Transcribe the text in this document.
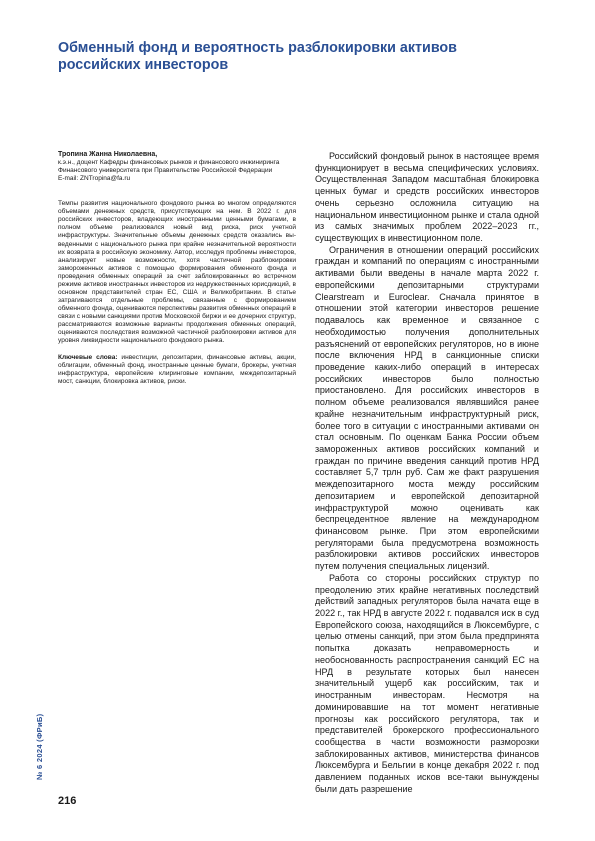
Обменный фонд и вероятность разблокировки активов российских инвесторов
Тропина Жанна Николаевна,
к.э.н., доцент Кафедры финансовых рынков и финансового инжиниринга Финансового университета при Правительстве Российской Федерации
E-mail: ZNTropina@fa.ru

Темпы развития национального фондового рынка во многом определяются объемами денежных средств, присутствующих на нем. В 2022 г. для российских инвесторов, владеющих иностранными ценными бумагами, в полном объеме реализовался новый вид риска, риск учетной инфраструктуры. Значительные объемы денежных средств оказались выведенными с национального рынка при крайне незначительной вероятности их возврата в российскую экономику. Автор, исследуя проблемы инвесторов, анализирует новые возможности, хотя частичной разблокировки замороженных активов с помощью формирования обменного фонда и проведения обменных операций за счет заблокированных во встречном режиме активов иностранных инвесторов из недружественных юрисдикций, в основном представителей стран ЕС, США и Великобритании. В статье затрагиваются отдельные проблемы, связанные с формированием обменного фонда, оцениваются перспективы развития обменных операций в связи с новыми санкциями против Московской биржи и ее дочерних структур, рассматриваются возможные варианты продолжения обменных операций, оцениваются последствия возможной частичной разблокировки активов для уровня ликвидности национального фондового рынка.

Ключевые слова: инвестиции, депозитарии, финансовые активы, акции, облигации, обменный фонд, иностранные ценные бумаги, брокеры, учетная инфраструктура, европейские клиринговые компании, междепозитарный мост, санкции, блокировка активов, риски.

Российский фондовый рынок в настоящее время функционирует в весьма специфических условиях. Осуществленная Западом масштабная блокировка ценных бумаг и средств российских инвесторов очень серьезно осложнила ситуацию на национальном инвестиционном рынке и стала одной из самых значимых проблем 2022–2023 гг., существующих в инвестиционном поле.

Ограничения в отношении операций российских граждан и компаний по операциям с иностранными активами были введены в начале марта 2022 г. европейскими депозитарными структурами Clearstream и Euroclear. Сначала принятое в отношении этой категории инвесторов решение подавалось как временное и связанное с необходимостью получения дополнительных разъяснений от европейских регуляторов, но в июне после включения НРД в санкционные списки проведение каких-либо операций в интересах российских инвесторов было полностью приостановлено. Для российских инвесторов в полном объеме реализовался являвшийся ранее крайне незначительным инфраструктурный риск, более того в ситуации с иностранными активами он стал основным. По оценкам Банка России объем замороженных активов российских компаний и граждан по причине введения санкций против НРД составляет 5,7 трлн руб. Сам же факт разрушения междепозитарного моста между российским депозитарием и европейской депозитарной инфраструктурой можно оценивать как беспрецедентное явление на международном финансовом рынке. При этом европейскими регуляторами была предусмотрена возможность разблокировки активов российских инвесторов путем получения специальных лицензий.

Работа со стороны российских структур по преодолению этих крайне негативных последствий действий западных регуляторов была начата еще в 2022 г., так НРД в августе 2022 г. подавался иск в суд Европейского союза, находящийся в Люксембурге, с целью отмены санкций, при этом была предпринята попытка доказать неправомерность и необоснованность распространения санкций ЕС на НРД в результате которых был нанесен значительный ущерб как российским, так и иностранным инвесторам. Несмотря на доминировавшие на тот момент негативные прогнозы как российского регулятора, так и представителей брокерского профессионального сообщества в части возможности разморозки заблокированных активов, министерства финансов Люксембурга и Бельгии в конце декабря 2022 г. под давлением поданных исков все-таки вынуждены были дать разрешение

№ 6 2024 (ФРиБ)
216
